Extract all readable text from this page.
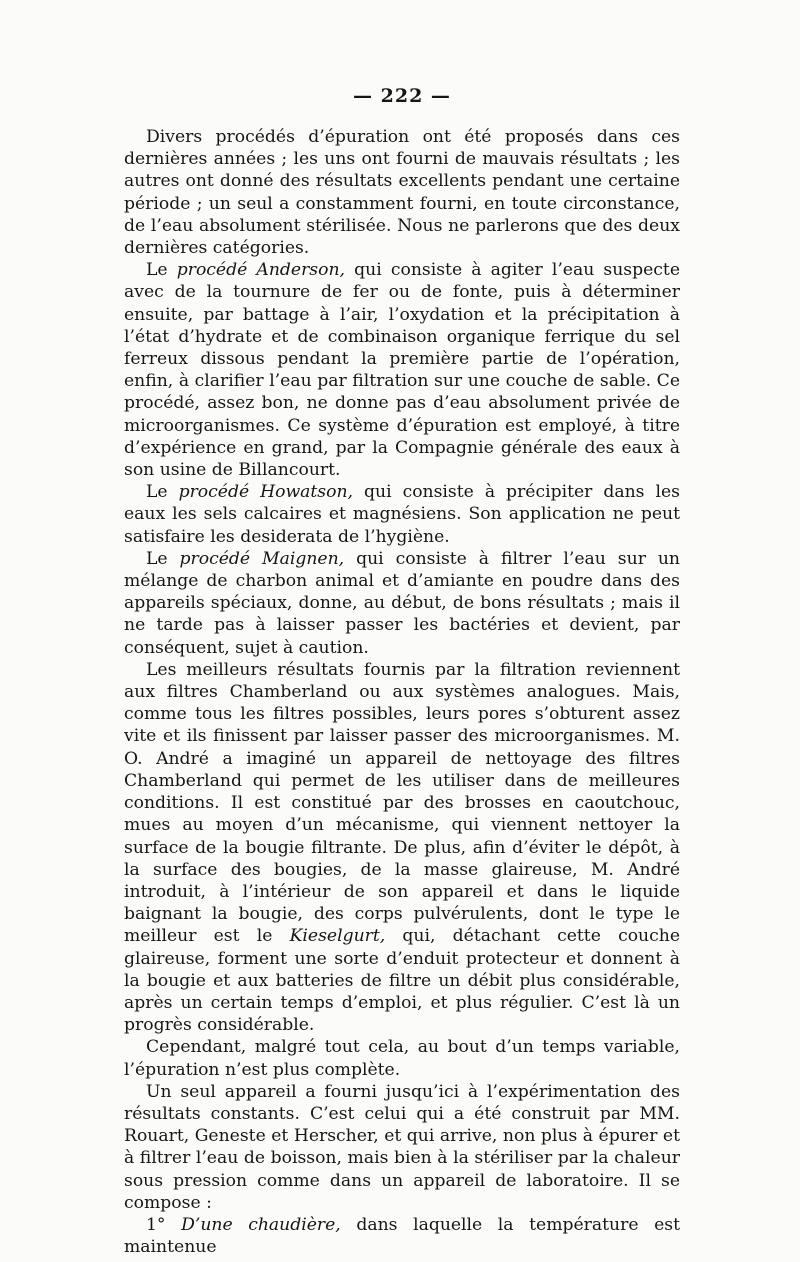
— 222 —

Divers procédés d’épuration ont été proposés dans ces dernières années ; les uns ont fourni de mauvais résultats ; les autres ont donné des résultats excellents pendant une certaine période ; un seul a constamment fourni, en toute circonstance, de l’eau absolument stérilisée. Nous ne parlerons que des deux dernières catégories.

Le procédé Anderson, qui consiste à agiter l’eau suspecte avec de la tournure de fer ou de fonte, puis à déterminer ensuite, par battage à l’air, l’oxydation et la précipitation à l’état d’hydrate et de combinaison organique ferrique du sel ferreux dissous pendant la première partie de l’opération, enfin, à clarifier l’eau par filtration sur une couche de sable. Ce procédé, assez bon, ne donne pas d’eau absolument privée de microorganismes. Ce système d’épuration est employé, à titre d’expérience en grand, par la Compagnie générale des eaux à son usine de Billancourt.

Le procédé Howatson, qui consiste à précipiter dans les eaux les sels calcaires et magnésiens. Son application ne peut satisfaire les desiderata de l’hygiène.

Le procédé Maignen, qui consiste à filtrer l’eau sur un mélange de charbon animal et d’amiante en poudre dans des appareils spéciaux, donne, au début, de bons résultats ; mais il ne tarde pas à laisser passer les bactéries et devient, par conséquent, sujet à caution.

Les meilleurs résultats fournis par la filtration reviennent aux filtres Chamberland ou aux systèmes analogues. Mais, comme tous les filtres possibles, leurs pores s’obturent assez vite et ils finissent par laisser passer des microorganismes. M. O. André a imaginé un appareil de nettoyage des filtres Chamberland qui permet de les utiliser dans de meilleures conditions. Il est constitué par des brosses en caoutchouc, mues au moyen d’un mécanisme, qui viennent nettoyer la surface de la bougie filtrante. De plus, afin d’éviter le dépôt, à la surface des bougies, de la masse glaireuse, M. André introduit, à l’intérieur de son appareil et dans le liquide baignant la bougie, des corps pulvérulents, dont le type le meilleur est le Kieselgurt, qui, détachant cette couche glaireuse, forment une sorte d’enduit protecteur et donnent à la bougie et aux batteries de filtre un débit plus considérable, après un certain temps d’emploi, et plus régulier. C’est là un progrès considérable.

Cependant, malgré tout cela, au bout d’un temps variable, l’épuration n’est plus complète.

Un seul appareil a fourni jusqu’ici à l’expérimentation des résultats constants. C’est celui qui a été construit par MM. Rouart, Geneste et Herscher, et qui arrive, non plus à épurer et à filtrer l’eau de boisson, mais bien à la stériliser par la chaleur sous pression comme dans un appareil de laboratoire. Il se compose :

1° D’une chaudière, dans laquelle la température est maintenue
